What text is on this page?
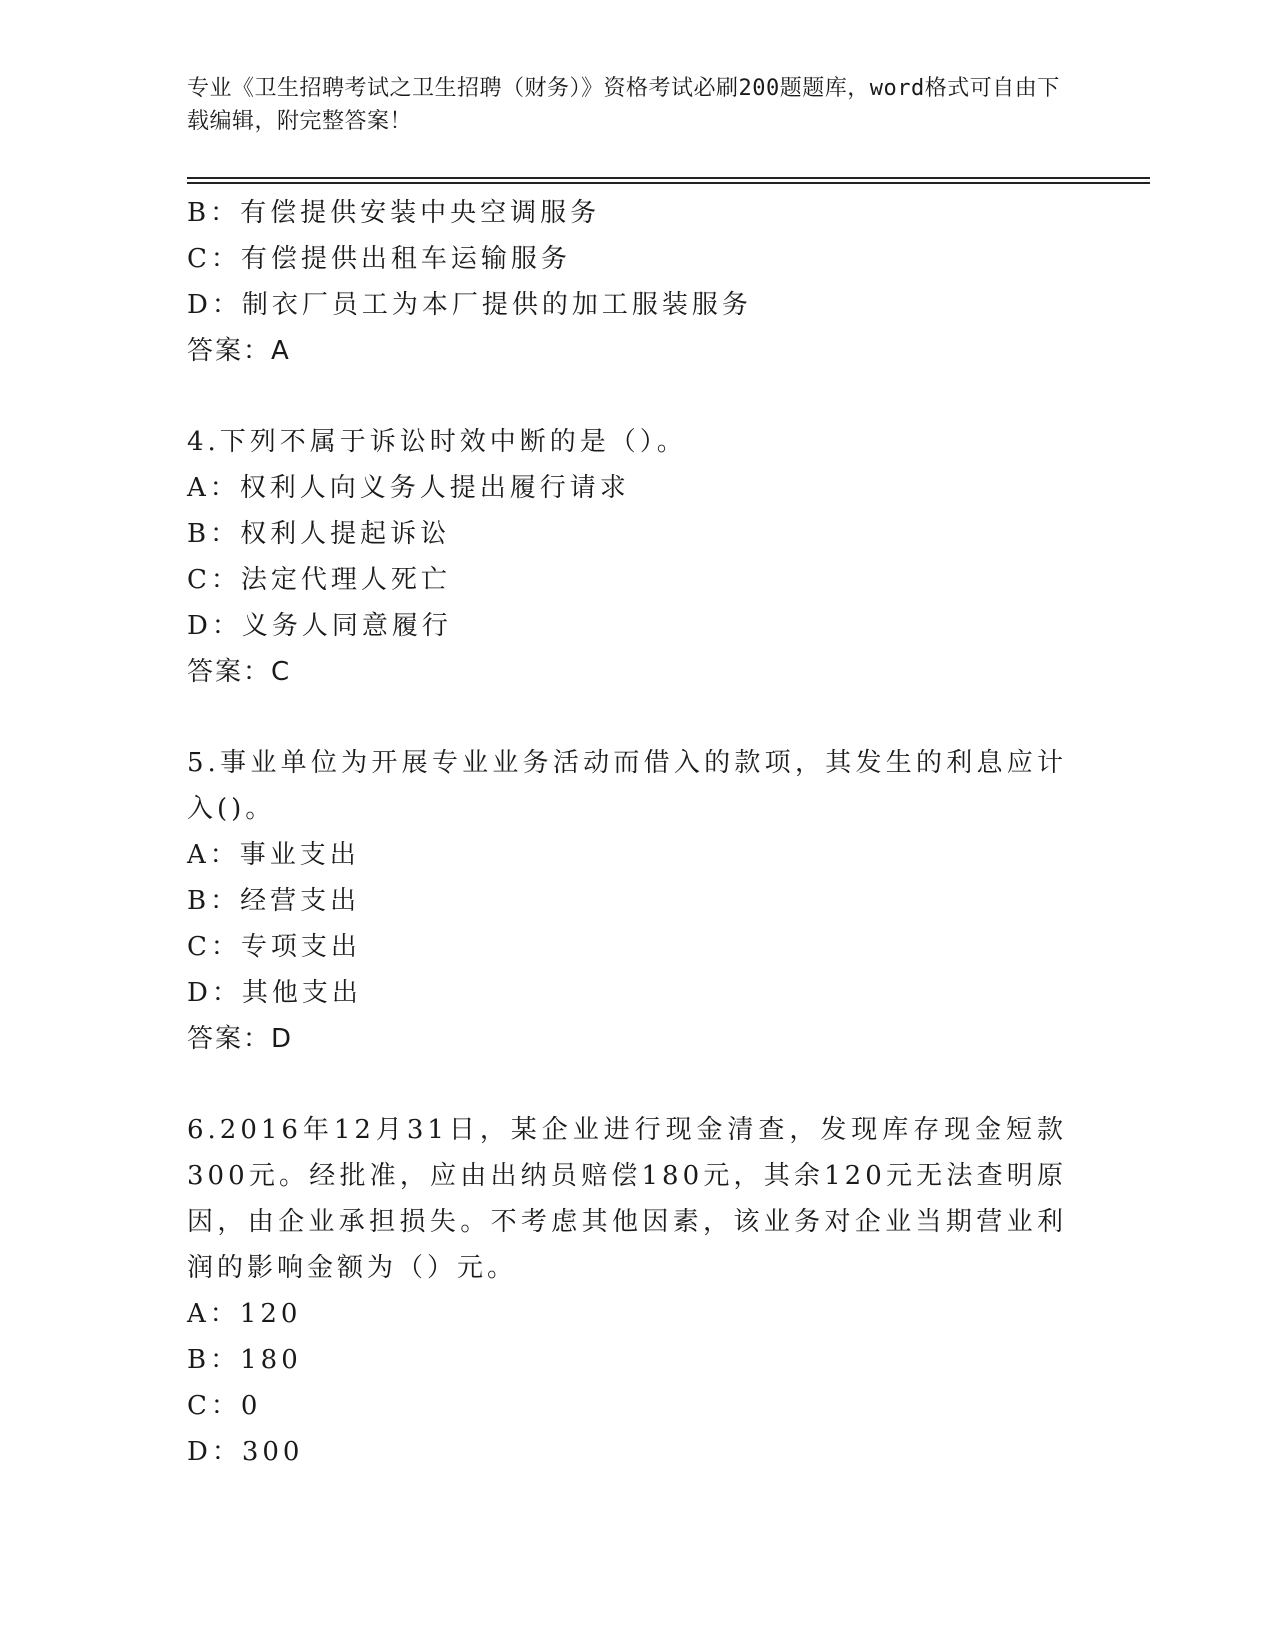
专业《卫生招聘考试之卫生招聘（财务）》资格考试必刷200题题库，word格式可自由下载编辑，附完整答案！
B：有偿提供安装中央空调服务
C：有偿提供出租车运输服务
D：制衣厂员工为本厂提供的加工服装服务
答案：A
4.下列不属于诉讼时效中断的是（）。
A：权利人向义务人提出履行请求
B：权利人提起诉讼
C：法定代理人死亡
D：义务人同意履行
答案：C
5.事业单位为开展专业业务活动而借入的款项，其发生的利息应计入()。
A：事业支出
B：经营支出
C：专项支出
D：其他支出
答案：D
6.2016年12月31日，某企业进行现金清查，发现库存现金短款300元。经批准，应由出纳员赔偿180元，其余120元无法查明原因，由企业承担损失。不考虑其他因素，该业务对企业当期营业利润的影响金额为（）元。
A：120
B：180
C：0
D：300
